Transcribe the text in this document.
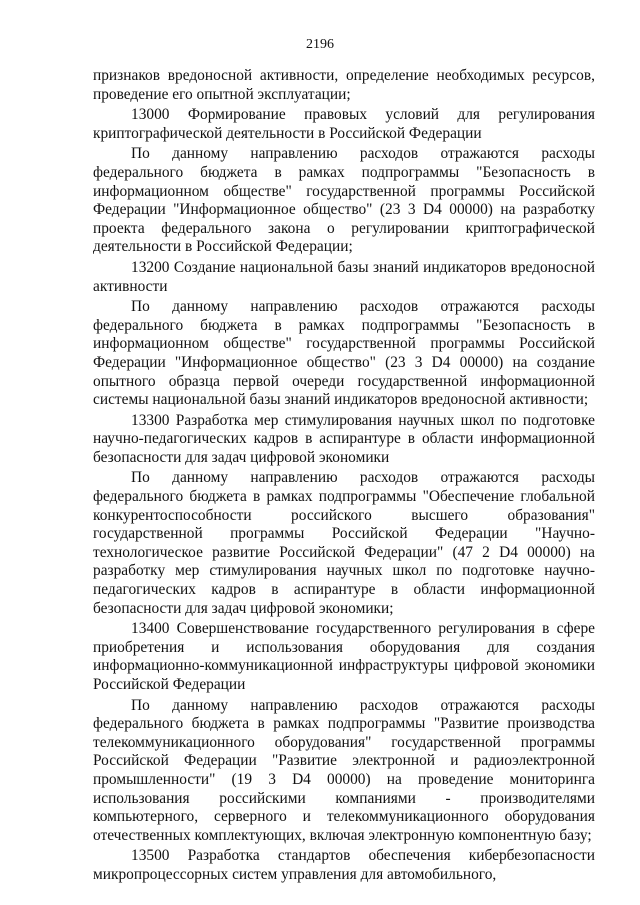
2196

признаков вредоносной активности, определение необходимых ресурсов, проведение его опытной эксплуатации;

13000 Формирование правовых условий для регулирования криптографической деятельности в Российской Федерации

По данному направлению расходов отражаются расходы федерального бюджета в рамках подпрограммы "Безопасность в информационном обществе" государственной программы Российской Федерации "Информационное общество" (23 3 D4 00000) на разработку проекта федерального закона о регулировании криптографической деятельности в Российской Федерации;

13200 Создание национальной базы знаний индикаторов вредоносной активности

По данному направлению расходов отражаются расходы федерального бюджета в рамках подпрограммы "Безопасность в информационном обществе" государственной программы Российской Федерации "Информационное общество" (23 3 D4 00000) на создание опытного образца первой очереди государственной информационной системы национальной базы знаний индикаторов вредоносной активности;

13300 Разработка мер стимулирования научных школ по подготовке научно-педагогических кадров в аспирантуре в области информационной безопасности для задач цифровой экономики

По данному направлению расходов отражаются расходы федерального бюджета в рамках подпрограммы "Обеспечение глобальной конкурентоспособности российского высшего образования" государственной программы Российской Федерации "Научно-технологическое развитие Российской Федерации" (47 2 D4 00000) на разработку мер стимулирования научных школ по подготовке научно-педагогических кадров в аспирантуре в области информационной безопасности для задач цифровой экономики;

13400 Совершенствование государственного регулирования в сфере приобретения и использования оборудования для создания информационно-коммуникационной инфраструктуры цифровой экономики Российской Федерации

По данному направлению расходов отражаются расходы федерального бюджета в рамках подпрограммы "Развитие производства телекоммуникационного оборудования" государственной программы Российской Федерации "Развитие электронной и радиоэлектронной промышленности" (19 3 D4 00000) на проведение мониторинга использования российскими компаниями - производителями компьютерного, серверного и телекоммуникационного оборудования отечественных комплектующих, включая электронную компонентную базу;

13500 Разработка стандартов обеспечения кибербезопасности микропроцессорных систем управления для автомобильного,
